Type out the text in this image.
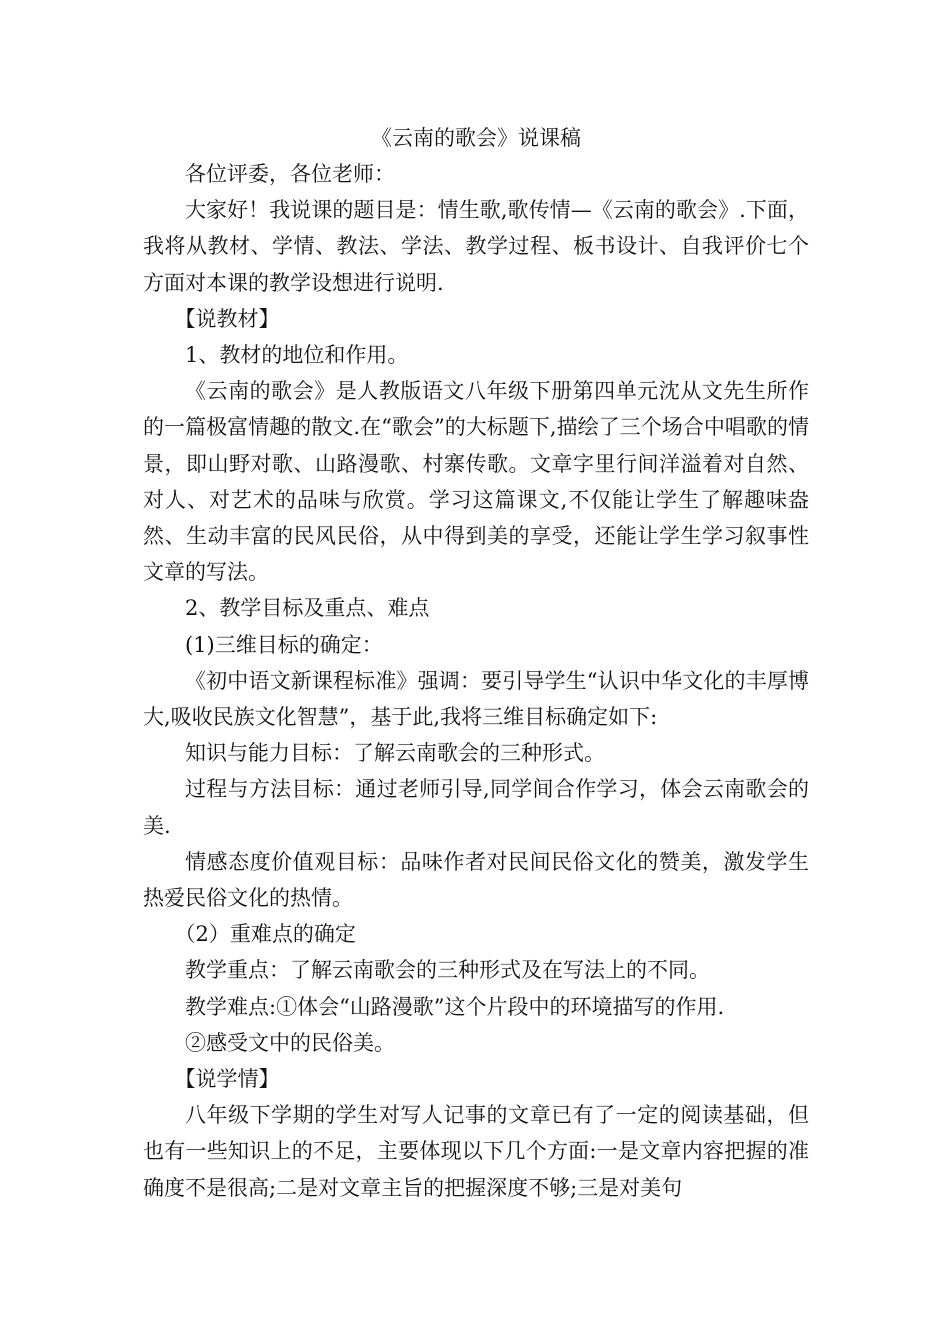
《云南的歌会》说课稿

各位评委，各位老师：

大家好！我说课的题目是：情生歌,歌传情—《云南的歌会》.下面，我将从教材、学情、教法、学法、教学过程、板书设计、自我评价七个方面对本课的教学设想进行说明.

【说教材】

1、教材的地位和作用。

《云南的歌会》是人教版语文八年级下册第四单元沈从文先生所作的一篇极富情趣的散文.在“歌会”的大标题下,描绘了三个场合中唱歌的情景，即山野对歌、山路漫歌、村寨传歌。文章字里行间洋溢着对自然、对人、对艺术的品味与欣赏。学习这篇课文,不仅能让学生了解趣味盎然、生动丰富的民风民俗，从中得到美的享受，还能让学生学习叙事性文章的写法。

2、教学目标及重点、难点

(1)三维目标的确定：

《初中语文新课程标准》强调：要引导学生“认识中华文化的丰厚博大,吸收民族文化智慧”，基于此,我将三维目标确定如下:

知识与能力目标：了解云南歌会的三种形式。

过程与方法目标：通过老师引导,同学间合作学习，体会云南歌会的美.

情感态度价值观目标：品味作者对民间民俗文化的赞美，激发学生热爱民俗文化的热情。

（2）重难点的确定

教学重点：了解云南歌会的三种形式及在写法上的不同。

教学难点:①体会“山路漫歌”这个片段中的环境描写的作用.

②感受文中的民俗美。

【说学情】

八年级下学期的学生对写人记事的文章已有了一定的阅读基础，但也有一些知识上的不足，主要体现以下几个方面:一是文章内容把握的准确度不是很高;二是对文章主旨的把握深度不够;三是对美句
